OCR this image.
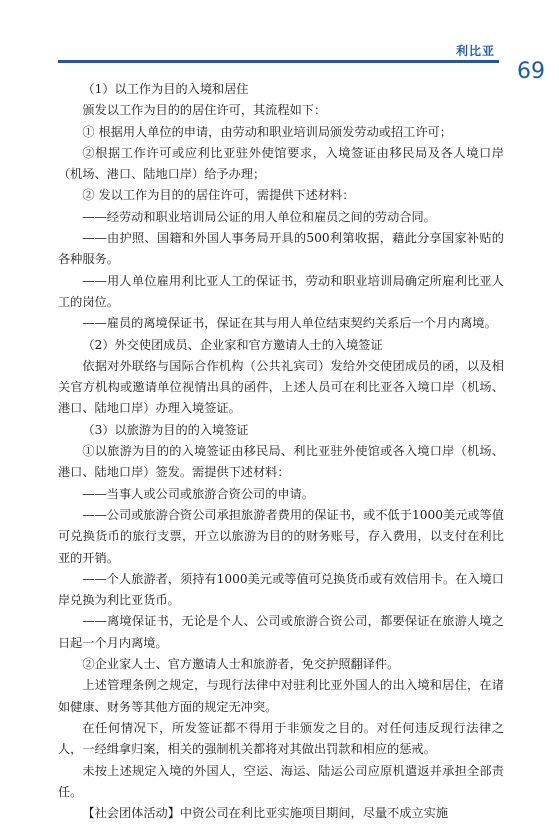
利比亚
69

（1）以工作为目的入境和居住

颁发以工作为目的的居住许可，其流程如下：

① 根据用人单位的申请，由劳动和职业培训局颁发劳动或招工许可；

②根据工作许可或应利比亚驻外使馆要求，入境签证由移民局及各人境口岸（机场、港口、陆地口岸）给予办理；

② 发以工作为目的的居住许可，需提供下述材料：

——经劳动和职业培训局公证的用人单位和雇员之间的劳动合同。

——由护照、国籍和外国人事务局开具的500利第收据，藉此分享国家补贴的各种服务。

——用人单位雇用利比亚人工的保证书，劳动和职业培训局确定所雇利比亚人工的岗位。

——雇员的离境保证书，保证在其与用人单位结束契约关系后一个月内离境。

（2）外交使团成员、企业家和官方邀请人士的入境签证

依据对外联络与国际合作机构（公共礼宾司）发给外交使团成员的函，以及相关官方机构或邀请单位视情出具的函件，上述人员可在利比亚各入境口岸（机场、港口、陆地口岸）办理入境签证。

（3）以旅游为目的的入境签证

①以旅游为目的的入境签证由移民局、利比亚驻外使馆或各入境口岸（机场、港口、陆地口岸）签发。需提供下述材料：

——当事人或公司或旅游合资公司的申请。

——公司或旅游合资公司承担旅游者费用的保证书，或不低于1000美元或等值可兑换货币的旅行支票，开立以旅游为目的的财务账号，存入费用，以支付在利比亚的开销。

——个人旅游者，须持有1000美元或等值可兑换货币或有效信用卡。在入境口岸兑换为利比亚货币。

——离境保证书，无论是个人、公司或旅游合资公司，都要保证在旅游人境之日起一个月内离境。

②企业家人士、官方邀请人士和旅游者，免交护照翻译件。

上述管理条例之规定，与现行法律中对驻利比亚外国人的出入境和居住，在诸如健康、财务等其他方面的规定无冲突。

在任何情况下，所发签证都不得用于非颁发之目的。对任何违反现行法律之人，一经缉拿归案，相关的强制机关都将对其做出罚款和相应的惩戒。

未按上述规定入境的外国人，空运、海运、陆运公司应原机遣返并承担全部责任。

【社会团体活动】中资公司在利比亚实施项目期间，尽量不成立实施
